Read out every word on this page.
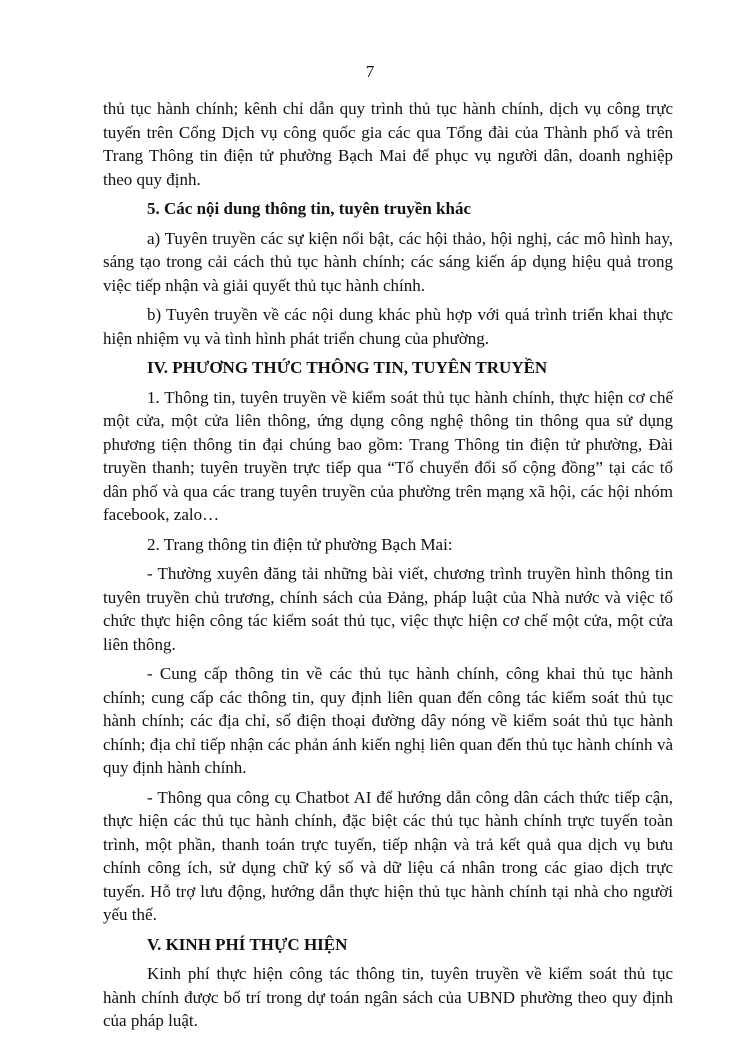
7

thủ tục hành chính; kênh chỉ dẫn quy trình thủ tục hành chính, dịch vụ công trực tuyến trên Cổng Dịch vụ công quốc gia các qua Tổng đài của Thành phố và trên Trang Thông tin điện tử phường Bạch Mai để phục vụ người dân, doanh nghiệp theo quy định.

5. Các nội dung thông tin, tuyên truyền khác

a) Tuyên truyền các sự kiện nổi bật, các hội thảo, hội nghị, các mô hình hay, sáng tạo trong cải cách thủ tục hành chính; các sáng kiến áp dụng hiệu quả trong việc tiếp nhận và giải quyết thủ tục hành chính.

b) Tuyên truyền về các nội dung khác phù hợp với quá trình triển khai thực hiện nhiệm vụ và tình hình phát triển chung của phường.

IV. PHƯƠNG THỨC THÔNG TIN, TUYÊN TRUYỀN

1. Thông tin, tuyên truyền về kiểm soát thủ tục hành chính, thực hiện cơ chế một cửa, một cửa liên thông, ứng dụng công nghệ thông tin thông qua sử dụng phương tiện thông tin đại chúng bao gồm: Trang Thông tin điện tử phường, Đài truyền thanh; tuyên truyền trực tiếp qua “Tổ chuyển đổi số cộng đồng” tại các tổ dân phố và qua các trang tuyên truyền của phường trên mạng xã hội, các hội nhóm facebook, zalo…

2. Trang thông tin điện tử phường Bạch Mai:

- Thường xuyên đăng tải những bài viết, chương trình truyền hình thông tin tuyên truyền chủ trương, chính sách của Đảng, pháp luật của Nhà nước và việc tổ chức thực hiện công tác kiểm soát thủ tục, việc thực hiện cơ chế một cửa, một cửa liên thông.

- Cung cấp thông tin về các thủ tục hành chính, công khai thủ tục hành chính; cung cấp các thông tin, quy định liên quan đến công tác kiểm soát thủ tục hành chính; các địa chỉ, số điện thoại đường dây nóng về kiểm soát thủ tục hành chính; địa chỉ tiếp nhận các phản ánh kiến nghị liên quan đến thủ tục hành chính và quy định hành chính.

- Thông qua công cụ Chatbot AI để hướng dẫn công dân cách thức tiếp cận, thực hiện các thủ tục hành chính, đặc biệt các thủ tục hành chính trực tuyến toàn trình, một phần, thanh toán trực tuyến, tiếp nhận và trả kết quả qua dịch vụ bưu chính công ích, sử dụng chữ ký số và dữ liệu cá nhân trong các giao dịch trực tuyến. Hỗ trợ lưu động, hướng dẫn thực hiện thủ tục hành chính tại nhà cho người yếu thế.

V. KINH PHÍ THỰC HIỆN

Kinh phí thực hiện công tác thông tin, tuyên truyền về kiểm soát thủ tục hành chính được bố trí trong dự toán ngân sách của UBND phường theo quy định của pháp luật.
